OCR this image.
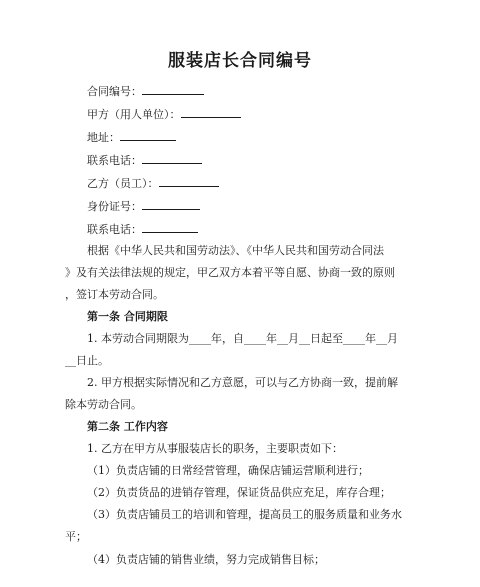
服装店长合同编号
合同编号：
甲方（用人单位）：
地址：
联系电话：
乙方（员工）：
身份证号：
联系电话：
根据《中华人民共和国劳动法》、《中华人民共和国劳动合同法
》及有关法律法规的规定，甲乙双方本着平等自愿、协商一致的原则
，签订本劳动合同。
第一条 合同期限
1. 本劳动合同期限为____年，自____年__月__日起至____年__月
__日止。
2. 甲方根据实际情况和乙方意愿，可以与乙方协商一致，提前解
除本劳动合同。
第二条 工作内容
1. 乙方在甲方从事服装店长的职务，主要职责如下：
（1）负责店铺的日常经营管理，确保店铺运营顺利进行；
（2）负责货品的进销存管理，保证货品供应充足，库存合理；
（3）负责店铺员工的培训和管理，提高员工的服务质量和业务水
平；
（4）负责店铺的销售业绩，努力完成销售目标；
